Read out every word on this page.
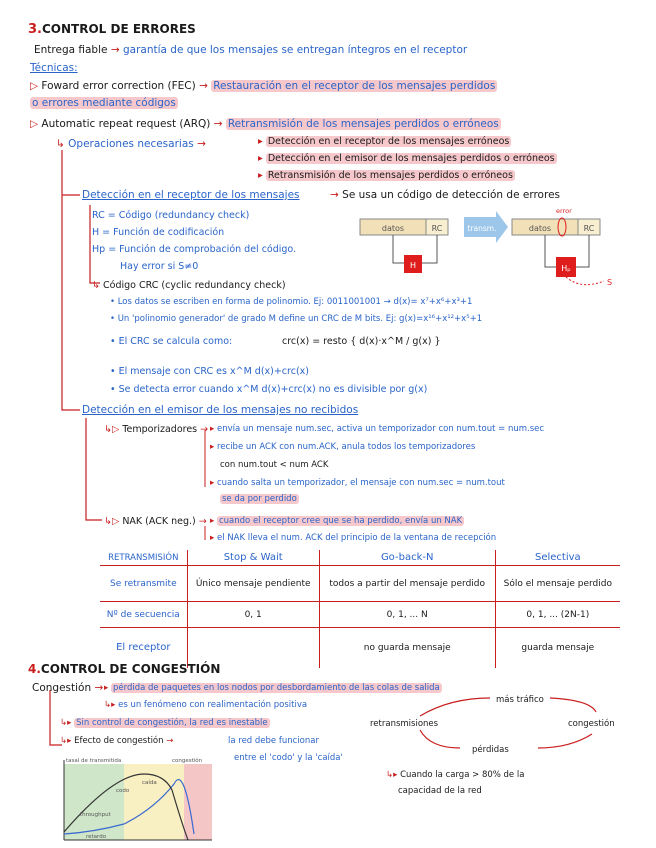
3.CONTROL DE ERRORES
Entrega fiable → garantía de que los mensajes se entregan íntegros en el receptor
Técnicas:
▷ Foward error correction (FEC) → Restauración en el receptor de los mensajes perdidos
o errores mediante códigos
▷ Automatic repeat request (ARQ) → Retransmisión de los mensajes perdidos o erróneos
↳ Operaciones necesarias →	▸ Detección en el receptor de los mensajes erróneos
▸ Detección en el emisor de los mensajes perdidos o erróneos
▸ Retransmisión de los mensajes perdidos o erróneos
Detección en el receptor de los mensajes	→ Se usa un código de detección de errores
RC = Código (redundancy check)
H = Función de codificación
Hp = Función de comprobación del código.
Hay error si S≠0
datos	RC
H
transm.	datos	RC
error
Hₚ
S
↳ Código CRC (cyclic redundancy check)
• Los datos se escriben en forma de polinomio. Ej: 0011001001 → d(x)= x⁷+x⁶+x³+1
• Un 'polinomio generador' de grado M define un CRC de M bits. Ej: g(x)=x¹⁶+x¹²+x⁵+1
• El CRC se calcula como:	crc(x) = resto { d(x)·x^M / g(x) }
• El mensaje con CRC es x^M d(x)+crc(x)
• Se detecta error cuando x^M d(x)+crc(x) no es divisible por g(x)
Detección en el emisor de los mensajes no recibidos
↳▷ Temporizadores → ▸ envía un mensaje num.sec, activa un temporizador con num.tout = num.sec
▸ recibe un ACK con num.ACK, anula todos los temporizadores
con num.tout < num ACK
▸ cuando salta un temporizador, el mensaje con num.sec = num.tout
se da por perdido
↳▷ NAK (ACK neg.) → ▸ cuando el receptor cree que se ha perdido, envía un NAK
▸ el NAK lleva el num. ACK del principio de la ventana de recepción
RETRANSMISIÓN	Stop & Wait	Go-back-N	Selectiva
Se retransmite	Único mensaje pendiente	todos a partir del mensaje perdido	Sólo el mensaje perdido
Nº de secuencia	0, 1	0, 1, ... N	0, 1, ... (2N-1)
El receptor		no guarda mensaje	guarda mensaje
4.CONTROL DE CONGESTIÓN
Congestión → ▸ pérdida de paquetes en los nodos por desbordamiento de las colas de salida
↳▸ es un fenómeno con realimentación positiva
↳▸ Sin control de congestión, la red es inestable
↳▸ Efecto de congestión →	la red debe funcionar
entre el 'codo' y la 'caída'
↳▸ Cuando la carga > 80% de la
capacidad de la red
más tráfico
retransmisiones	congestión
pérdidas
tasal de transmitida	congestión
codo
caída
throughput
retardo
